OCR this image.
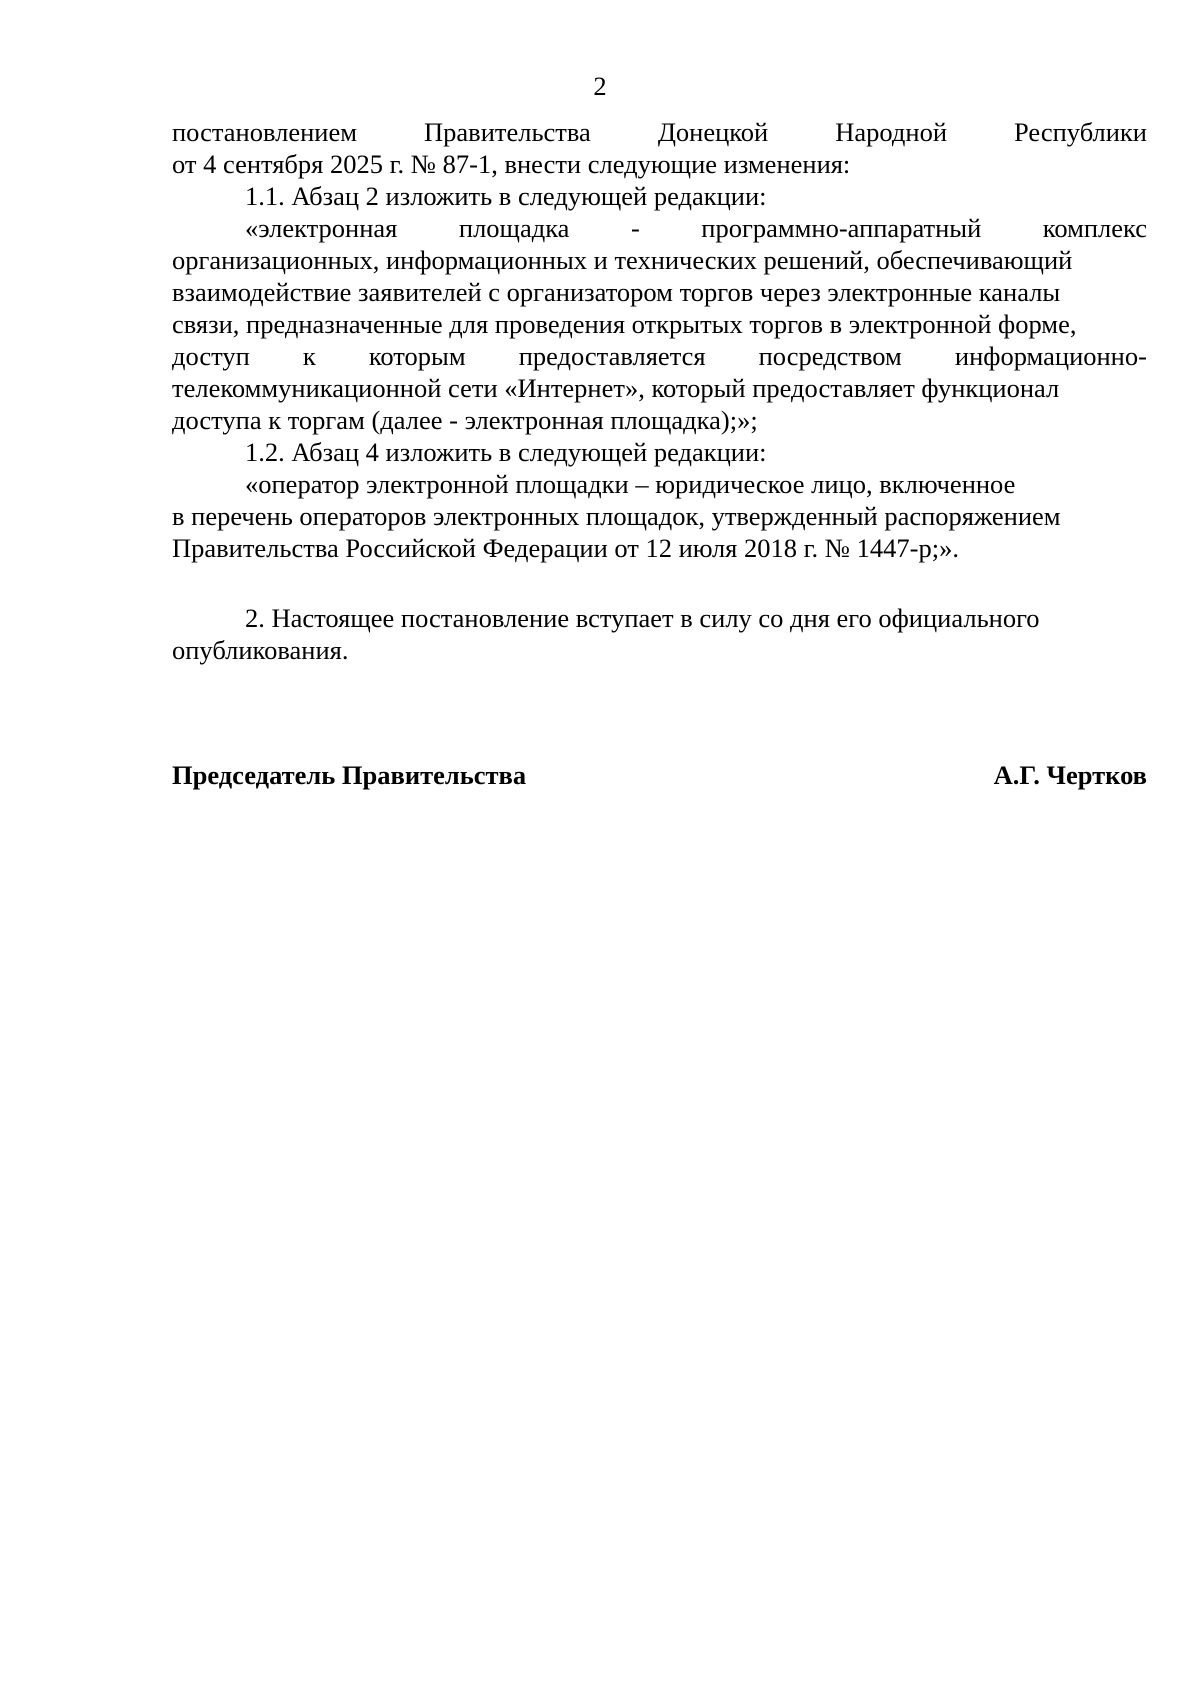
2
постановлением	Правительства	Донецкой	Народной	Республики
от 4 сентября 2025 г. № 87-1, внести следующие изменения:
1.1. Абзац 2 изложить в следующей редакции:
«электронная площадка - программно-аппаратный комплекс
организационных, информационных и технических решений, обеспечивающий
взаимодействие заявителей с организатором торгов через электронные каналы
связи, предназначенные для проведения открытых торгов в электронной форме,
доступ к которым предоставляется посредством информационно-
телекоммуникационной сети «Интернет», который предоставляет функционал
доступа к торгам (далее - электронная площадка);»;
1.2. Абзац 4 изложить в следующей редакции:
«оператор электронной площадки – юридическое лицо, включенное
в перечень операторов электронных площадок, утвержденный распоряжением
Правительства Российской Федерации от 12 июля 2018 г. № 1447-р;».
2. Настоящее постановление вступает в силу со дня его официального
опубликования.
Председатель Правительства	А.Г. Чертков
